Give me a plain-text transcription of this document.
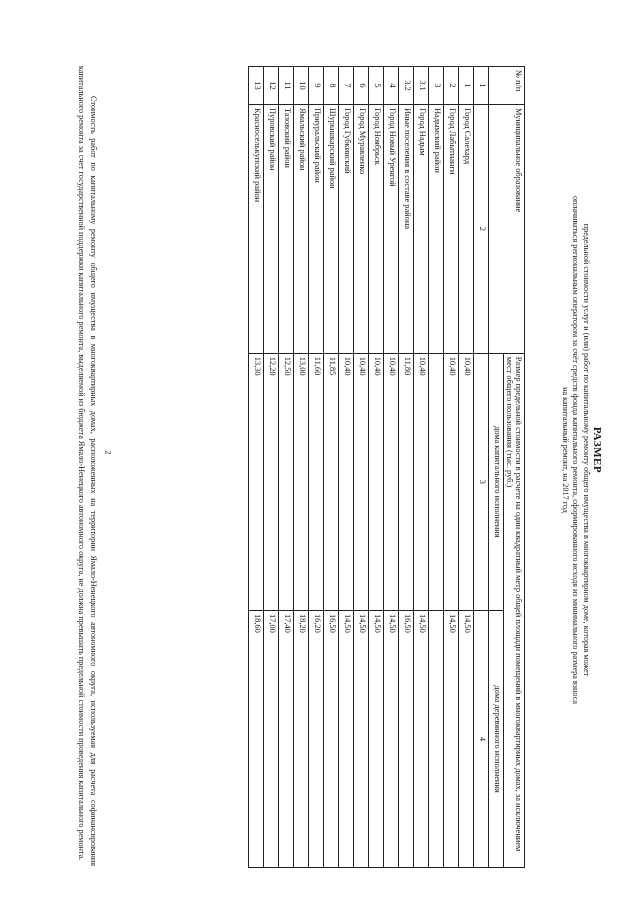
2	РАЗМЕР
предельной стоимости услуг и (или) работ по капитальному ремонту общего имущества в многоквартирном доме, которая может
оплачиваться региональным оператором за счёт средств фонда капитального ремонта, сформированного исходя из минимального размера взноса
на капитальный ремонт, на 2017 год
№ п/п	Муниципальное образование	Размер предельной стоимости в расчете на один квадратный метр общей площади помещений в многоквартирных домах, за исключением мест общего пользования (тыс. руб.)	
		дома капитального исполнения	дома деревянного исполнения
1	2	3	4
1	Город Салехард	10,40	14,50
2	Город Лабытнанги	10,40	14,50
3	Надымский район		
3.1	Город Надым	10,40	14,50
3.2	Иные поселения в составе района	11,80	16,50
4	Город Новый Уренгой	10,40	14,50
5	Город Ноябрьск	10,40	14,50
6	Город Муравленко	10,40	14,50
7	Город Губкинский	10,40	14,50
8	Шурышкарский район	11,85	16,50
9	Приуральский район	11,60	16,20
10	Ямальский район	13,00	18,20
11	Тазовский район	12,50	17,40
12	Пуровский район	12,20	17,00
13	Красноселькупский район	13,30	18,60
Стоимость работ по капитальному ремонту общего имущества в многоквартирных домах, расположенных на территории Ямало-Ненецкого автономного округа, используемая для расчета софинансирования капитального ремонта за счет государственной поддержки капитального ремонта, выделяемой из бюджета Ямало-Ненецкого автономного округа, не должна превышать предельной стоимости проведения капитального ремонта.
